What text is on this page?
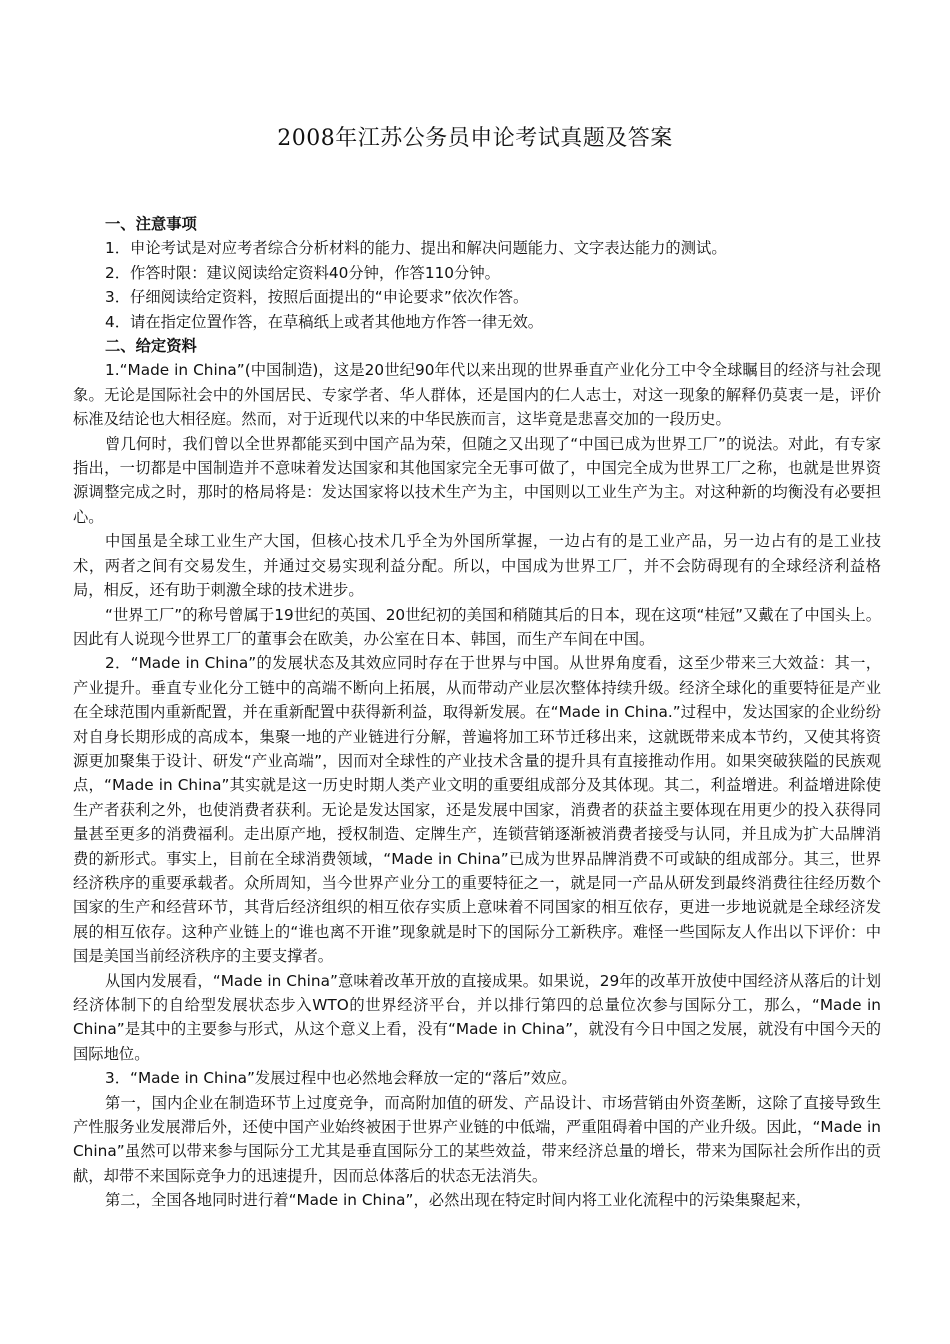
2008年江苏公务员申论考试真题及答案

一、注意事项

1．申论考试是对应考者综合分析材料的能力、提出和解决问题能力、文字表达能力的测试。

2．作答时限：建议阅读给定资料40分钟，作答110分钟。

3．仔细阅读给定资料，按照后面提出的“申论要求”依次作答。

4．请在指定位置作答，在草稿纸上或者其他地方作答一律无效。

二、给定资料

1.“Made in China”(中国制造)，这是20世纪90年代以来出现的世界垂直产业化分工中令全球瞩目的经济与社会现象。无论是国际社会中的外国居民、专家学者、华人群体，还是国内的仁人志士，对这一现象的解释仍莫衷一是，评价标准及结论也大相径庭。然而，对于近现代以来的中华民族而言，这毕竟是悲喜交加的一段历史。

曾几何时，我们曾以全世界都能买到中国产品为荣，但随之又出现了“中国已成为世界工厂”的说法。对此，有专家指出，一切都是中国制造并不意味着发达国家和其他国家完全无事可做了，中国完全成为世界工厂之称，也就是世界资源调整完成之时，那时的格局将是：发达国家将以技术生产为主，中国则以工业生产为主。对这种新的均衡没有必要担心。

中国虽是全球工业生产大国，但核心技术几乎全为外国所掌握，一边占有的是工业产品，另一边占有的是工业技术，两者之间有交易发生，并通过交易实现利益分配。所以，中国成为世界工厂，并不会防碍现有的全球经济利益格局，相反，还有助于刺激全球的技术进步。

“世界工厂”的称号曾属于19世纪的英国、20世纪初的美国和稍随其后的日本，现在这项“桂冠”又戴在了中国头上。因此有人说现今世界工厂的董事会在欧美，办公室在日本、韩国，而生产车间在中国。

2．“Made in China”的发展状态及其效应同时存在于世界与中国。从世界角度看，这至少带来三大效益：其一，产业提升。垂直专业化分工链中的高端不断向上拓展，从而带动产业层次整体持续升级。经济全球化的重要特征是产业在全球范围内重新配置，并在重新配置中获得新利益，取得新发展。在“Made in China.”过程中，发达国家的企业纷纷对自身长期形成的高成本，集聚一地的产业链进行分解，普遍将加工环节迁移出来，这就既带来成本节约，又使其将资源更加聚集于设计、研发“产业高端”，因而对全球性的产业技术含量的提升具有直接推动作用。如果突破狭隘的民族观点，“Made in China”其实就是这一历史时期人类产业文明的重要组成部分及其体现。其二，利益增进。利益增进除使生产者获利之外，也使消费者获利。无论是发达国家，还是发展中国家，消费者的获益主要体现在用更少的投入获得同量甚至更多的消费福利。走出原产地，授权制造、定牌生产，连锁营销逐渐被消费者接受与认同，并且成为扩大品牌消费的新形式。事实上，目前在全球消费领域，“Made in China”已成为世界品牌消费不可或缺的组成部分。其三，世界经济秩序的重要承载者。众所周知，当今世界产业分工的重要特征之一，就是同一产品从研发到最终消费往往经历数个国家的生产和经营环节，其背后经济组织的相互依存实质上意味着不同国家的相互依存，更进一步地说就是全球经济发展的相互依存。这种产业链上的“谁也离不开谁”现象就是时下的国际分工新秩序。难怪一些国际友人作出以下评价：中国是美国当前经济秩序的主要支撑者。

从国内发展看，“Made in China”意味着改革开放的直接成果。如果说，29年的改革开放使中国经济从落后的计划经济体制下的自给型发展状态步入WTO的世界经济平台，并以排行第四的总量位次参与国际分工，那么，“Made in China”是其中的主要参与形式，从这个意义上看，没有“Made in China”，就没有今日中国之发展，就没有中国今天的国际地位。

3．“Made in China”发展过程中也必然地会释放一定的“落后”效应。

第一，国内企业在制造环节上过度竞争，而高附加值的研发、产品设计、市场营销由外资垄断，这除了直接导致生产性服务业发展滞后外，还使中国产业始终被困于世界产业链的中低端，严重阻碍着中国的产业升级。因此，“Made in China”虽然可以带来参与国际分工尤其是垂直国际分工的某些效益，带来经济总量的增长，带来为国际社会所作出的贡献，却带不来国际竞争力的迅速提升，因而总体落后的状态无法消失。

第二，全国各地同时进行着“Made in China”，必然出现在特定时间内将工业化流程中的污染集聚起来，
